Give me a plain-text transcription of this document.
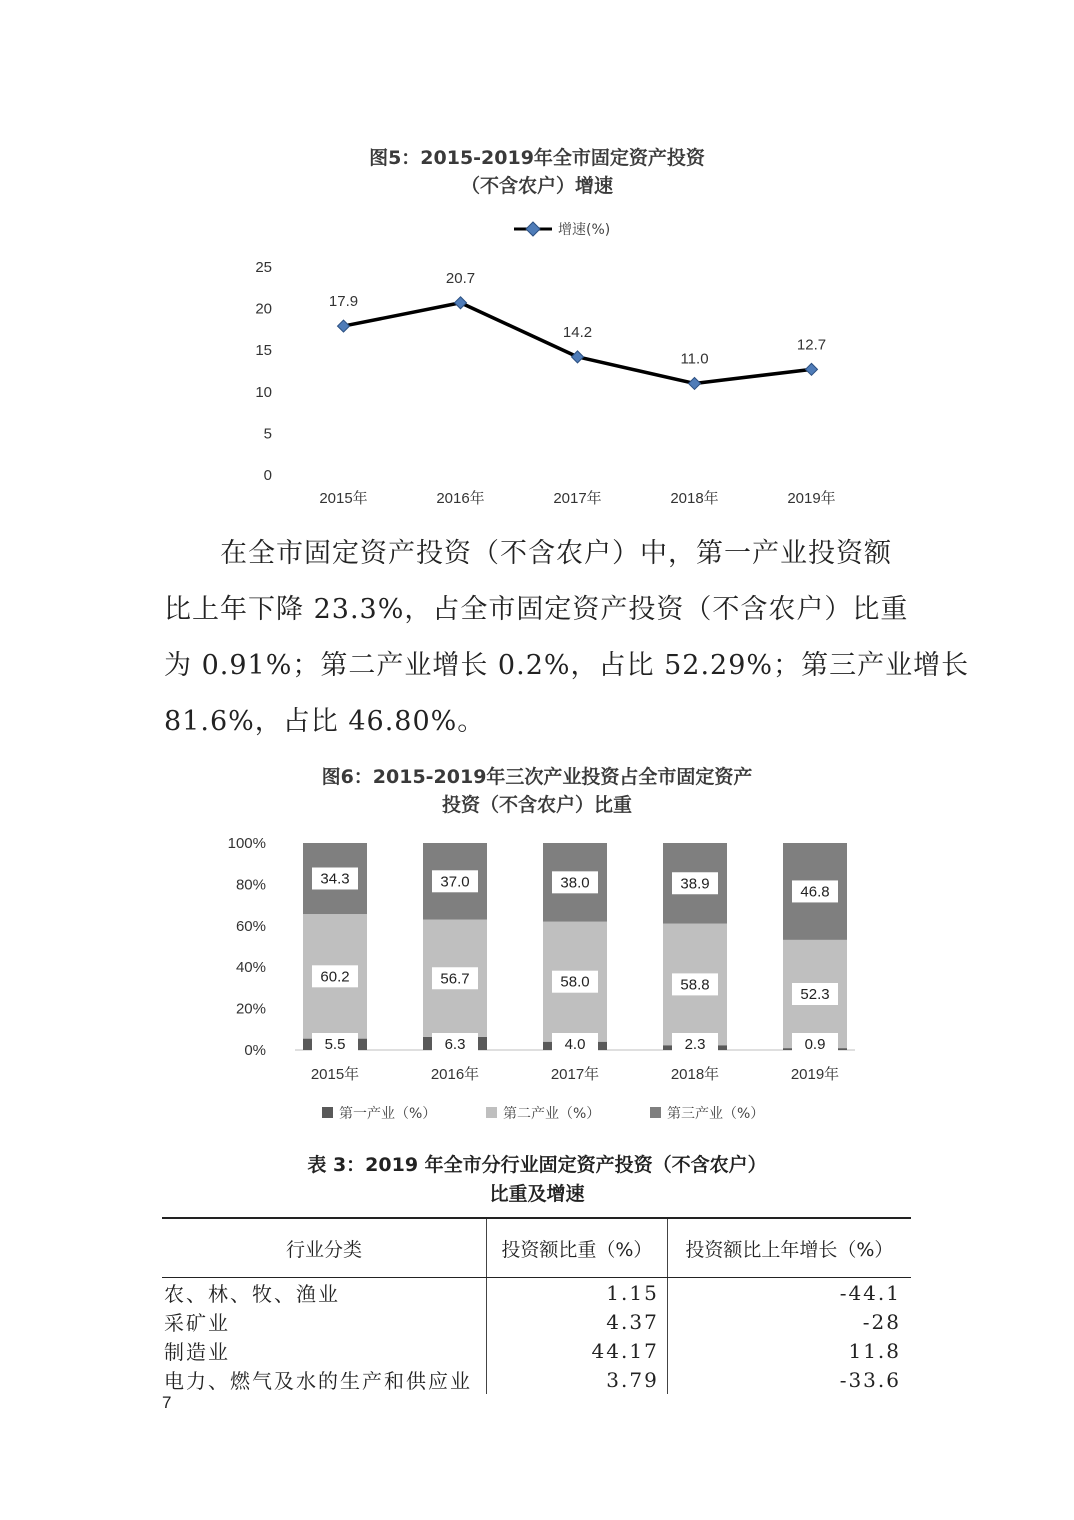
图5：2015-2019年全市固定资产投资
（不含农户）增速
增速(%)
0
5
10
15
20
25
2015年	2016年	2017年	2018年	2019年
17.9
20.7
14.2
11.0
12.7
在全市固定资产投资（不含农户）中，第一产业投资额
比上年下降 23.3%，占全市固定资产投资（不含农户）比重
为 0.91%；第二产业增长 0.2%，占比 52.29%；第三产业增长
81.6%，占比 46.80%。
图6：2015-2019年三次产业投资占全市固定资产
投资（不含农户）比重
0%
20%
40%
60%
80%
100%
5.5
60.2
34.3
2015年
6.3
56.7
37.0
2016年
4.0
58.0
38.0
2017年
2.3
58.8
38.9
2018年
0.9
52.3
46.8
2019年
第一产业（%）	第二产业（%）	第三产业（%）
表 3：2019 年全市分行业固定资产投资（不含农户）
比重及增速
行业分类	投资额比重（%）	投资额比上年增长（%）
农、林、牧、渔业	1.15	-44.1
采矿业	4.37	-28
制造业	44.17	11.8
电力、燃气及水的生产和供应业	3.79	-33.6
7
